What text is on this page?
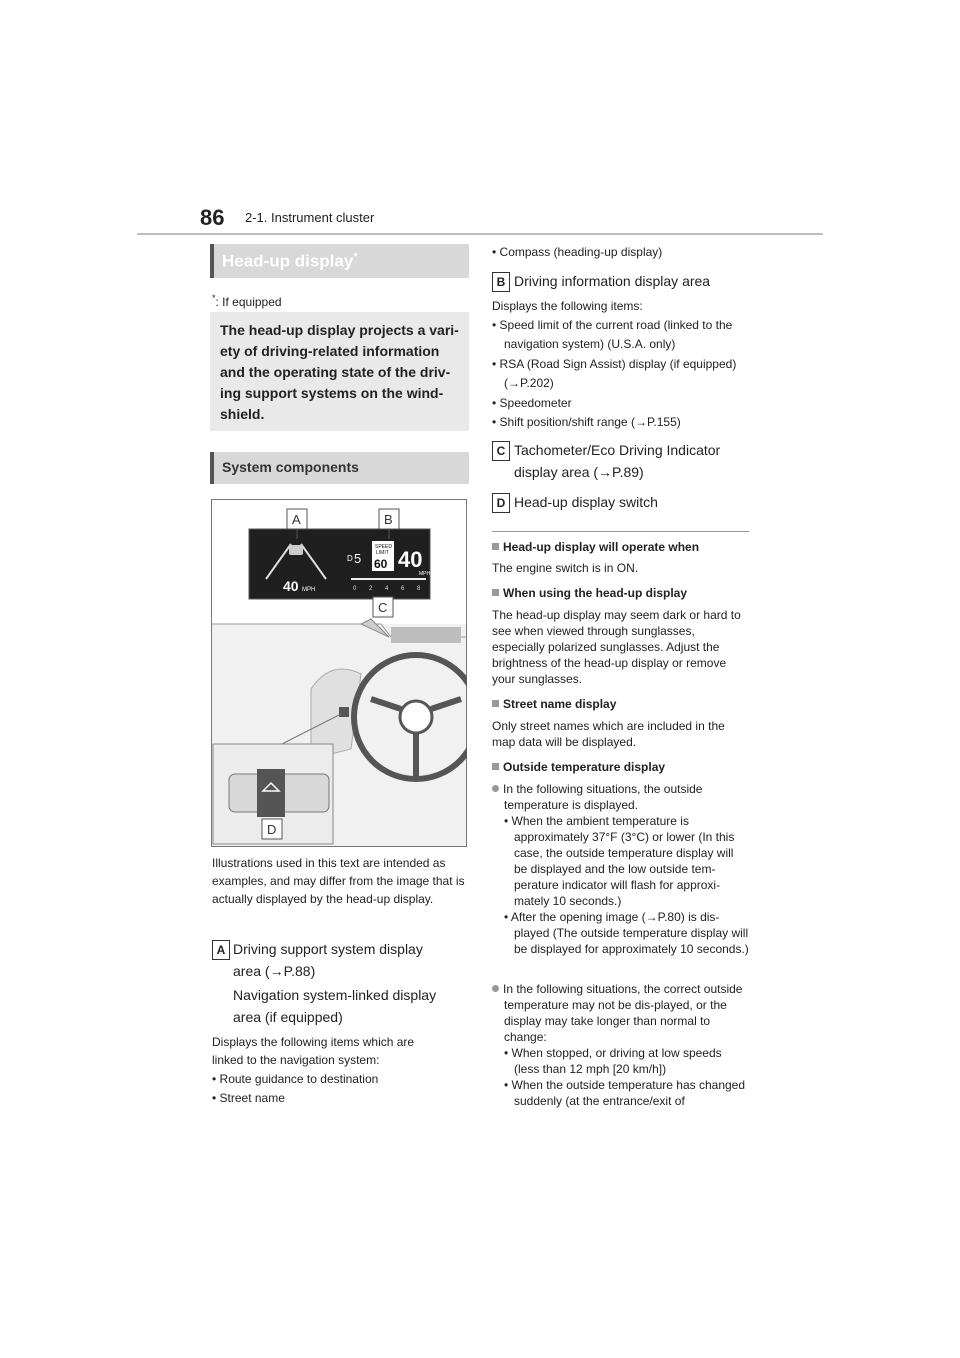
86 2-1. Instrument cluster
Head-up display*
*: If equipped
The head-up display projects a vari-ety of driving-related information and the operating state of the driv-ing support systems on the wind-shield.
System components
40 MPH
D 5
SPEED
LIMIT
60 40
MPH
0 2 4 6 8
A	B
C
D
Illustrations used in this text are intended as examples, and may differ from the image that is actually displayed by the head-up display.
A Driving support system display
area (→P.88)
Navigation system-linked display
area (if equipped)
Displays the following items which are
linked to the navigation system:
• Route guidance to destination
• Street name
• Compass (heading-up display)
B Driving information display area
Displays the following items:
• Speed limit of the current road (linked to the navigation system) (U.S.A. only)
• RSA (Road Sign Assist) display (if equipped) (→P.202)
• Speedometer
• Shift position/shift range (→P.155)
C Tachometer/Eco Driving Indicator
display area (→P.89)
D Head-up display switch
Head-up display will operate when
The engine switch is in ON.
When using the head-up display
The head-up display may seem dark or hard to see when viewed through sunglasses, especially polarized sunglasses. Adjust the brightness of the head-up display or remove your sunglasses.
Street name display
Only street names which are included in the map data will be displayed.
Outside temperature display
In the following situations, the outside temperature is displayed.
• When the ambient temperature is approximately 37°F (3°C) or lower (In this case, the outside temperature display will be displayed and the low outside tem-perature indicator will flash for approxi-mately 10 seconds.)
• After the opening image (→P.80) is dis-played (The outside temperature display will be displayed for approximately 10 seconds.)
In the following situations, the correct outside temperature may not be dis-played, or the display may take longer than normal to change:
• When stopped, or driving at low speeds (less than 12 mph [20 km/h])
• When the outside temperature has changed suddenly (at the entrance/exit of
